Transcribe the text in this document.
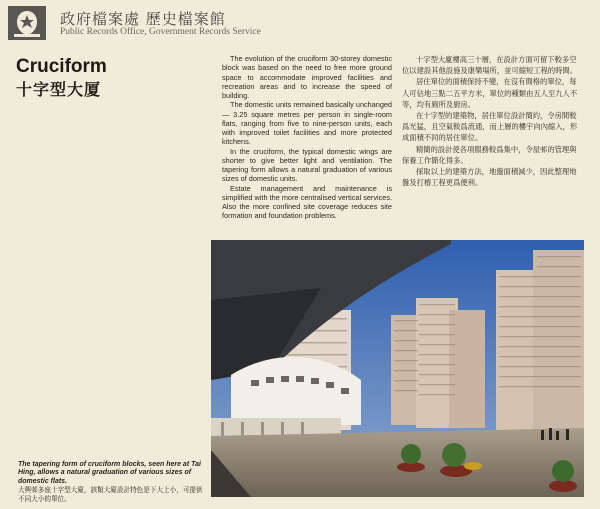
政府檔案處 歷史檔案館
Public Records Office, Government Records Service
Cruciform
十字型大厦

The evolution of the cruciform 30-storey domestic block was based on the need to free more ground space to accommodate improved facilities and recreation areas and to increase the speed of building.

The domestic units remained basically unchanged — 3.25 square metres per person in single-room flats, ranging from five to nine-person units, each with improved toilet facilities and more protected kitchens.

In the cruciform, the typical domestic wings are shorter to give better light and ventilation. The tapering form allows a natural graduation of various sizes of domestic units.

Estate management and maintenance is simplified with the more centralised vertical services. Also the more confined site coverage reduces site formation and foundation problems.

十字型大廈樓高三十層，在設計方面可留下較多空位以建設其他設施及康樂場所，並可縮短工程的時間。

居住單位的面積保持不變，在沒有間格的單位，每人可佔地三點二五平方米，單位的種類由五人至九人不等，均有廁所及廚房。

在十字型的建築物，居住單位設計簡約，令房間較爲光猛，且空氣較爲流通，而上層的樓宇向內縮入，形成面積不同的居住單位。

精簡的設計使各項服務較爲集中，令屋邨的管理與保養工作簡化得多。

採取以上的建築方法，地盤面積減少，因此整理地盤及打樁工程更爲便利。

The tapering form of cruciform blocks, seen here at Tai Hing, allows a natural graduation of various sizes of domestic flats.
大興邨多座十字型大廈，該類大廈設計特色是下大上小，可提供不同大小的單位。
